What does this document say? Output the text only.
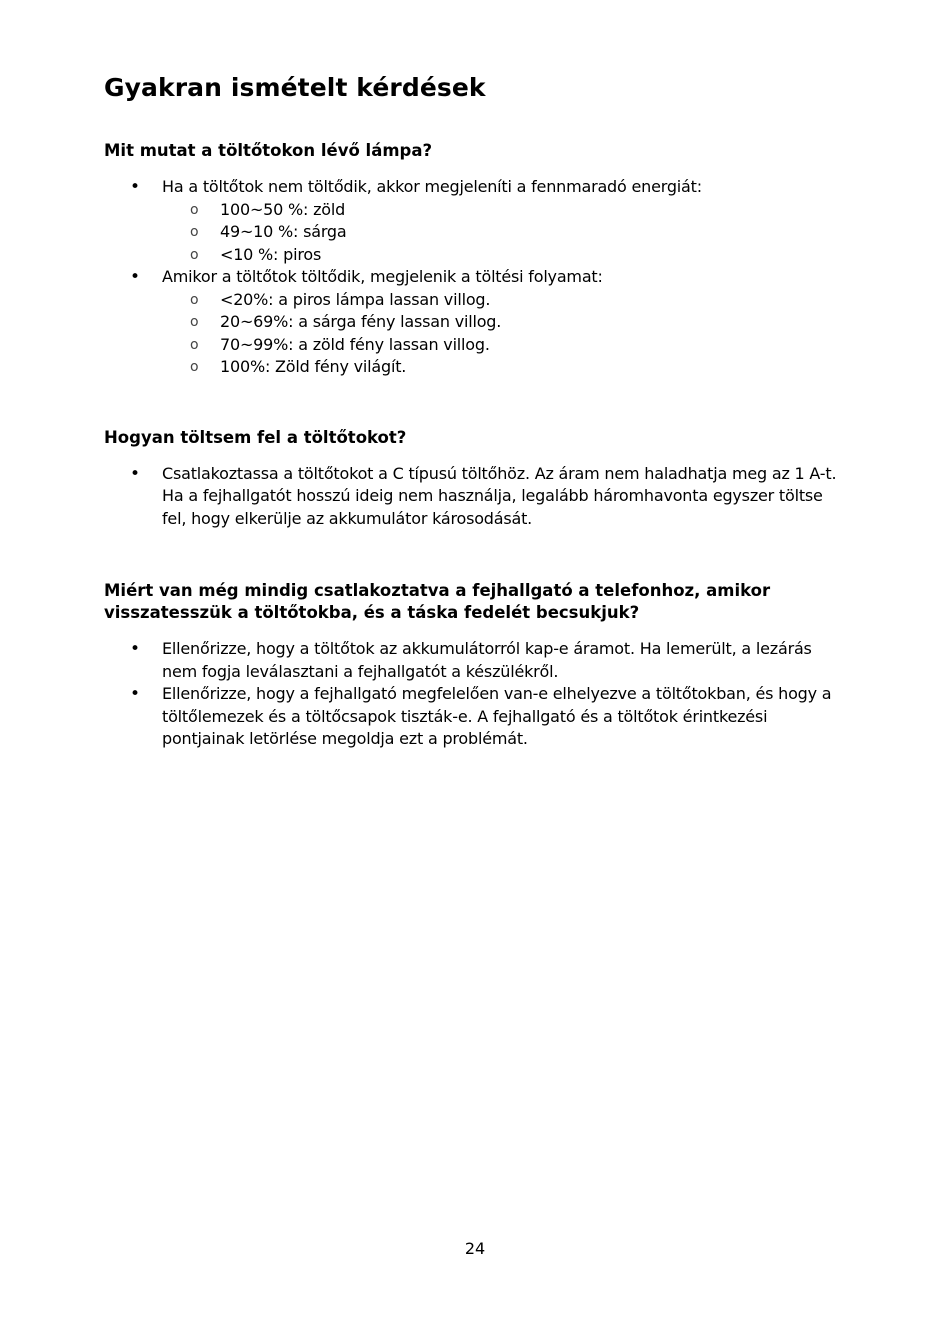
Gyakran ismételt kérdések
Mit mutat a töltőtokon lévő lámpa?
• Ha a töltőtok nem töltődik, akkor megjeleníti a fennmaradó energiát:
o 100~50 %: zöld
o 49~10 %: sárga
o <10 %: piros
• Amikor a töltőtok töltődik, megjelenik a töltési folyamat:
o <20%: a piros lámpa lassan villog.
o 20~69%: a sárga fény lassan villog.
o 70~99%: a zöld fény lassan villog.
o 100%: Zöld fény világít.
Hogyan töltsem fel a töltőtokot?
• Csatlakoztassa a töltőtokot a C típusú töltőhöz. Az áram nem haladhatja meg az 1 A-t. Ha a fejhallgatót hosszú ideig nem használja, legalább háromhavonta egyszer töltse fel, hogy elkerülje az akkumulátor károsodását.
Miért van még mindig csatlakoztatva a fejhallgató a telefonhoz, amikor visszatesszük a töltőtokba, és a táska fedelét becsukjuk?
• Ellenőrizze, hogy a töltőtok az akkumulátorról kap-e áramot. Ha lemerült, a lezárás nem fogja leválasztani a fejhallgatót a készülékről.
• Ellenőrizze, hogy a fejhallgató megfelelően van-e elhelyezve a töltőtokban, és hogy a töltőlemezek és a töltőcsapok tiszták-e. A fejhallgató és a töltőtok érintkezési pontjainak letörlése megoldja ezt a problémát.
24
